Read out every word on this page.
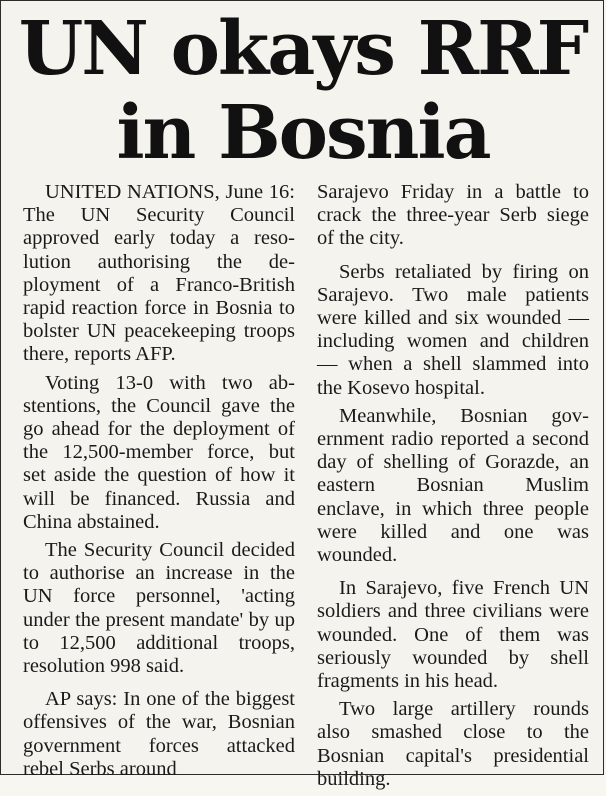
UN okays RRF
in Bosnia

UNITED NATIONS, June 16: The UN Security Council approved early today a resolution authorising the deployment of a Franco-British rapid reaction force in Bosnia to bolster UN peacekeeping troops there, reports AFP.

Voting 13-0 with two abstentions, the Council gave the go ahead for the deployment of the 12,500-member force, but set aside the question of how it will be financed. Russia and China abstained.

The Security Council decided to authorise an increase in the UN force personnel, 'acting under the present mandate' by up to 12,500 additional troops, resolution 998 said.

AP says: In one of the biggest offensives of the war, Bosnian government forces attacked rebel Serbs around

Sarajevo Friday in a battle to crack the three-year Serb siege of the city.

Serbs retaliated by firing on Sarajevo. Two male patients were killed and six wounded — including women and children — when a shell slammed into the Kosevo hospital.

Meanwhile, Bosnian government radio reported a second day of shelling of Gorazde, an eastern Bosnian Muslim enclave, in which three people were killed and one was wounded.

In Sarajevo, five French UN soldiers and three civilians were wounded. One of them was seriously wounded by shell fragments in his head.

Two large artillery rounds also smashed close to the Bosnian capital's presidential building.
